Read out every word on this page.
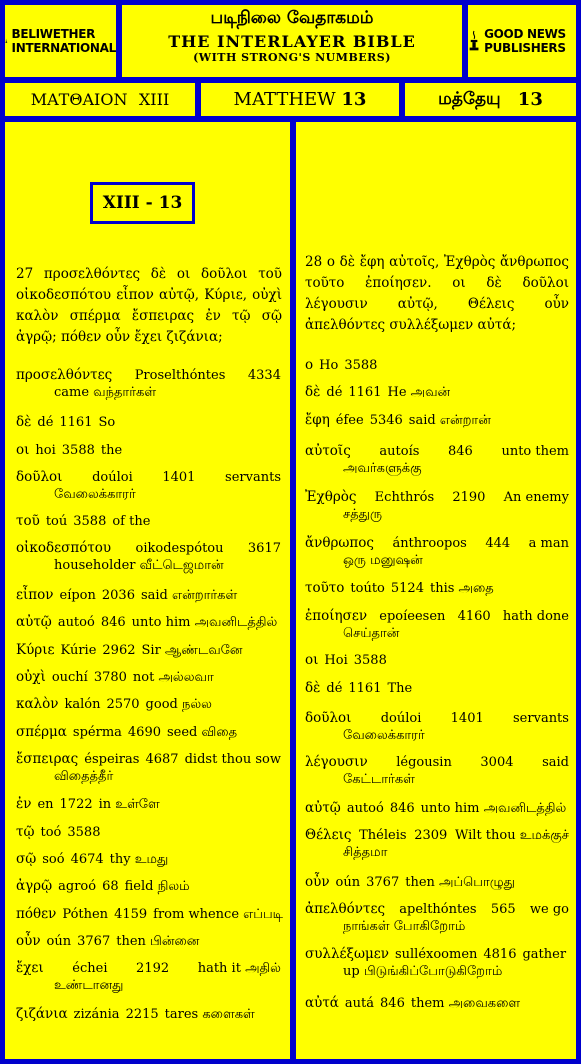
BELIWETHER INTERNATIONAL
படிநிலை வேதாகமம்
THE INTERLAYER BIBLE
(WITH STRONG'S NUMBERS)
GOOD NEWS PUBLISHERS
ΜΑΤΘΑΙΟΝ
XIII	MATTHEW
13	மத்தேயு
13
XIII - 13
27 προσελθόντες δὲ οι δοῦλοι τοῦ οἰκοδεσπότου εἶπον αὐτῷ, Κύριε, οὐχὶ καλὸν σπέρμα ἔσπειρας ἐν τῷ σῷ ἀγρῷ; πόθεν οὖν ἔχει ζιζάνια;
28 ο δὲ ἔφη αὐτοῖς, Ἐχθρὸς ἄνθρωπος τοῦτο ἐποίησεν. οι δὲ δοῦλοι λέγουσιν αὐτῷ, Θέλεις οὖν ἀπελθόντες συλλέξωμεν αὐτά;
προσελθόντες Proselthóntes 4334
came வந்தார்கள்
δὲ dé 1161 So
οι hoi 3588 the
δοῦλοι doúloi 1401 servants
வேலைக்காரர்
τοῦ toú 3588 of the
οἰκοδεσπότου oikodespótou 3617
householder வீட்டெஜமான்
εἶπον eípon 2036 said என்றார்கள்
αὐτῷ autoó 846 unto him அவனிடத்தில்
Κύριε Kúrie 2962 Sir ஆண்டவனே
οὐχὶ ouchí 3780 not அல்லவா
καλὸν kalón 2570 good நல்ல
σπέρμα spérma 4690 seed விதை
ἔσπειρας éspeiras 4687 didst thou sow
விதைத்தீர்
ἐν en 1722 in உள்ளே
τῷ toó 3588
σῷ soó 4674 thy உமது
ἀγρῷ agroó 68 field நிலம்
πόθεν Póthen 4159 from whence எப்படி
οὖν oún 3767 then பின்னை
ἔχει échei 2192 hath it அதில்
உண்டானது
ζιζάνια zizánia 2215 tares களைகள்
ο Ho 3588
δὲ dé 1161 He அவன்
ἔφη éfee 5346 said என்றான்
αὐτοῖς autoís 846 unto them
அவர்களுக்கு
Ἐχθρὸς Echthrós 2190 An enemy
சத்துரு
ἄνθρωπος ánthroopos 444 a man
ஒரு மனுஷன்
τοῦτο toúto 5124 this அதை
ἐποίησεν epoíeesen 4160 hath done
செய்தான்
οι Hoi 3588
δὲ dé 1161 The
δοῦλοι doúloi 1401 servants
வேலைக்காரர்
λέγουσιν légousin 3004 said
கேட்டார்கள்
αὐτῷ autoó 846 unto him அவனிடத்தில்
Θέλεις Théleis 2309 Wilt thou உமக்குச்
சித்தமா
οὖν oún 3767 then அப்பொழுது
ἀπελθόντες apelthóntes 565 we go
நாங்கள் போகிறோம்
συλλέξωμεν sulléxoomen 4816 gather
up பிடுங்கிப்போடுகிறோம்
αὐτά autá 846 them அவைகளை
